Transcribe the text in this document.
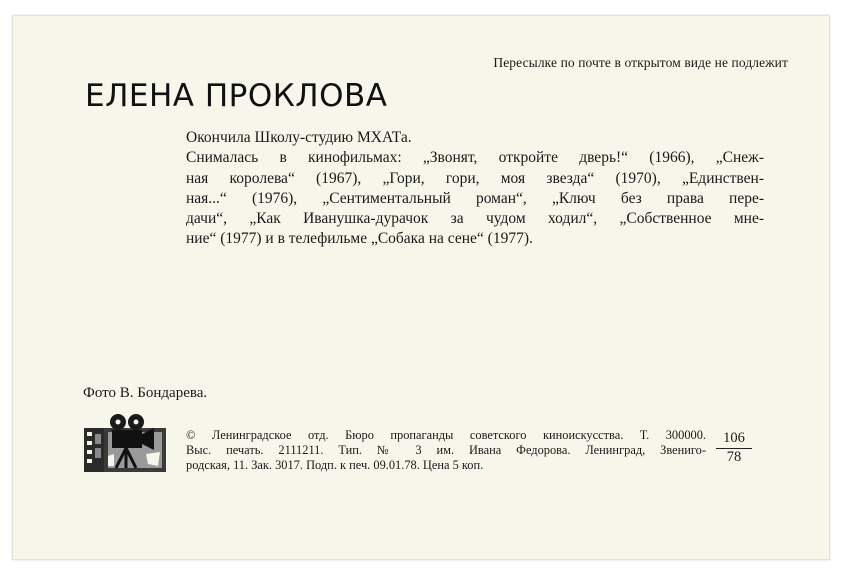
Пересылке по почте в открытом виде не подлежит
ЕЛЕНА ПРОКЛОВА
Окончила Школу-студию МХАТа.
Снималась в кинофильмах: „Звонят, откройте дверь!“ (1966), „Снеж-
ная королева“ (1967), „Гори, гори, моя звезда“ (1970), „Единствен-
ная...“ (1976), „Сентиментальный роман“, „Ключ без права пере-
дачи“, „Как Иванушка-дурачок за чудом ходил“, „Собственное мне-
ние“ (1977) и в телефильме „Собака на сене“ (1977).
Фото В. Бондарева.
© Ленинградское отд. Бюро пропаганды советского киноискусства. Т. 300000.
Выс. печать. 2111211. Тип. № 3 им. Ивана Федорова. Ленинград, Звениго-
родская, 11. Зак. 3017. Подп. к печ. 09.01.78. Цена 5 коп.	$\frac{106}{78}$
